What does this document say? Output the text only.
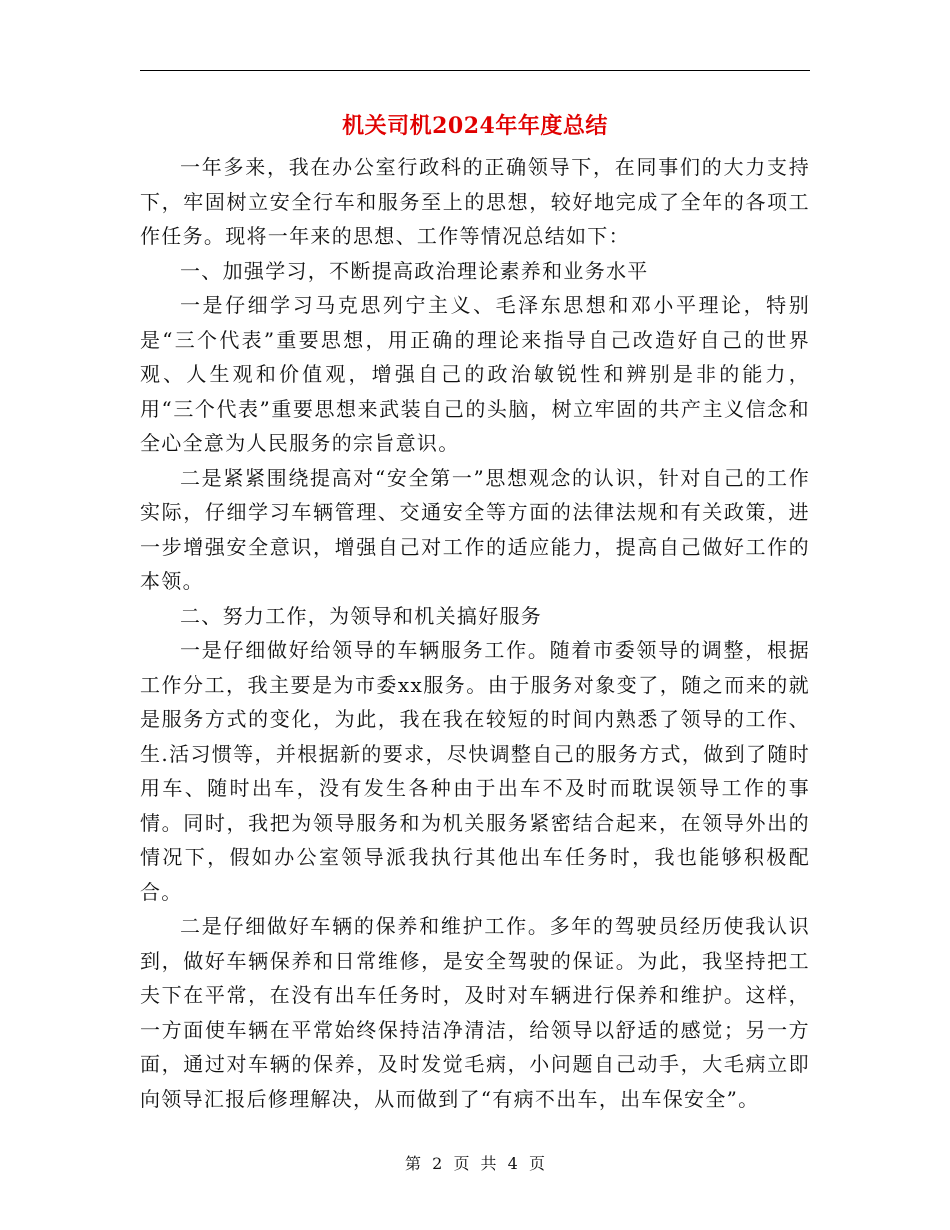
机关司机2024年年度总结

一年多来，我在办公室行政科的正确领导下，在同事们的大力支持下，牢固树立安全行车和服务至上的思想，较好地完成了全年的各项工作任务。现将一年来的思想、工作等情况总结如下：

一、加强学习，不断提高政治理论素养和业务水平

一是仔细学习马克思列宁主义、毛泽东思想和邓小平理论，特别是“三个代表”重要思想，用正确的理论来指导自己改造好自己的世界观、人生观和价值观，增强自己的政治敏锐性和辨别是非的能力，用“三个代表”重要思想来武装自己的头脑，树立牢固的共产主义信念和全心全意为人民服务的宗旨意识。

二是紧紧围绕提高对“安全第一”思想观念的认识，针对自己的工作实际，仔细学习车辆管理、交通安全等方面的法律法规和有关政策，进一步增强安全意识，增强自己对工作的适应能力，提高自己做好工作的本领。

二、努力工作，为领导和机关搞好服务

一是仔细做好给领导的车辆服务工作。随着市委领导的调整，根据工作分工，我主要是为市委xx服务。由于服务对象变了，随之而来的就是服务方式的变化，为此，我在我在较短的时间内熟悉了领导的工作、生.活习惯等，并根据新的要求，尽快调整自己的服务方式，做到了随时用车、随时出车，没有发生各种由于出车不及时而耽误领导工作的事情。同时，我把为领导服务和为机关服务紧密结合起来，在领导外出的情况下，假如办公室领导派我执行其他出车任务时，我也能够积极配合。

二是仔细做好车辆的保养和维护工作。多年的驾驶员经历使我认识到，做好车辆保养和日常维修，是安全驾驶的保证。为此，我坚持把工夫下在平常，在没有出车任务时，及时对车辆进行保养和维护。这样，一方面使车辆在平常始终保持洁净清洁，给领导以舒适的感觉；另一方面，通过对车辆的保养，及时发觉毛病，小问题自己动手，大毛病立即向领导汇报后修理解决，从而做到了“有病不出车，出车保安全”。

第 2 页 共 4 页
